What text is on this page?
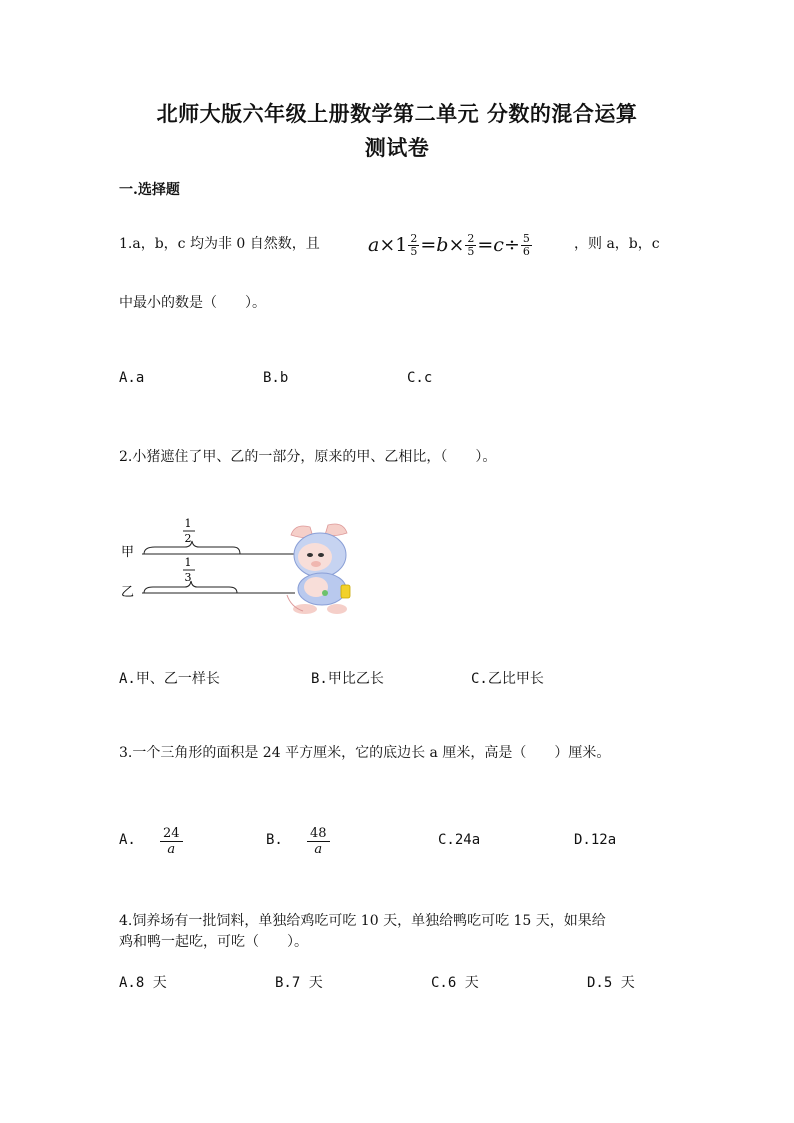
北师大版六年级上册数学第二单元 分数的混合运算
测试卷
一.选择题
1.a，b，c 均为非 0 自然数，且	$a \times 1 \frac{2}{5} = b \times \frac{2}{5} = c \div \frac{5}{6}$	，则 a，b，c
中最小的数是（　　）。
A.a	B.b	C.c
2.小猪遮住了甲、乙的一部分，原来的甲、乙相比，（　　）。
甲
1
2
乙
1
3
A.甲、乙一样长	B.甲比乙长	C.乙比甲长
3.一个三角形的面积是 24 平方厘米，它的底边长 a 厘米，高是（　　）厘米。
A. $\frac{24}{a}$	B. $\frac{48}{a}$	C.24a	D.12a
4.饲养场有一批饲料，单独给鸡吃可吃 10 天，单独给鸭吃可吃 15 天，如果给
鸡和鸭一起吃，可吃（　　）。
A.8 天	B.7 天	C.6 天	D.5 天
